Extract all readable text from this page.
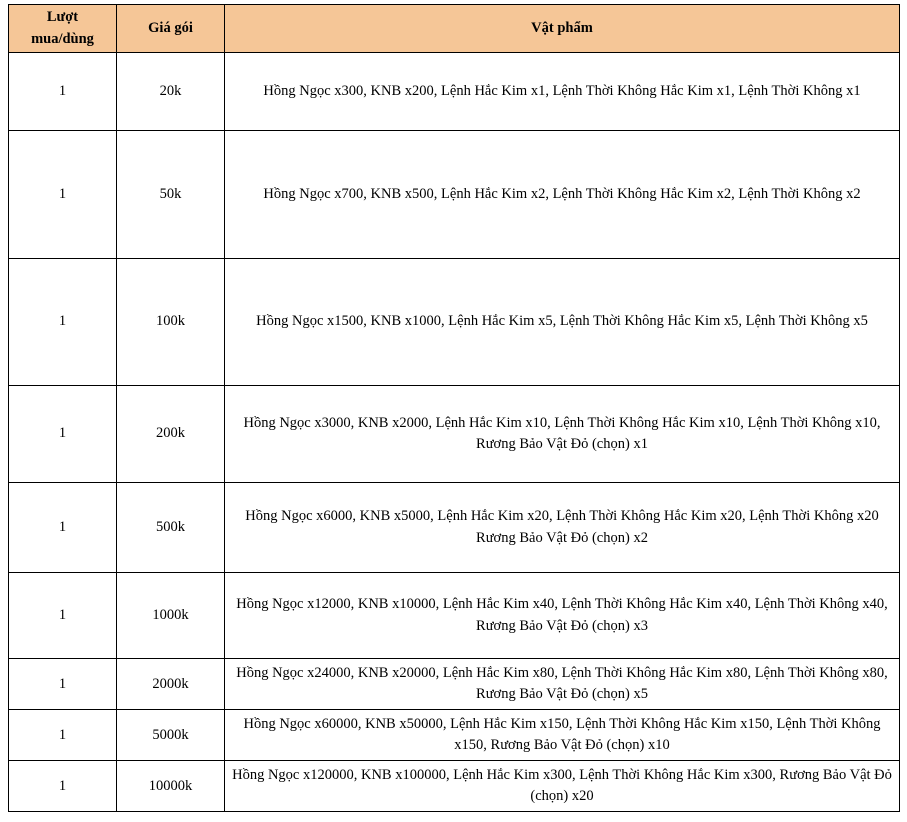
Lượt
mua/dùng	Giá gói	Vật phẩm
1	20k	Hồng Ngọc x300, KNB x200, Lệnh Hắc Kim x1, Lệnh Thời Không Hắc Kim x1, Lệnh Thời Không x1
1	50k	Hồng Ngọc x700, KNB x500, Lệnh Hắc Kim x2, Lệnh Thời Không Hắc Kim x2, Lệnh Thời Không x2
1	100k	Hồng Ngọc x1500, KNB x1000, Lệnh Hắc Kim x5, Lệnh Thời Không Hắc Kim x5, Lệnh Thời Không x5
1	200k	Hồng Ngọc x3000, KNB x2000, Lệnh Hắc Kim x10, Lệnh Thời Không Hắc Kim x10, Lệnh Thời Không x10, Rương Bảo Vật Đỏ (chọn) x1
1	500k	Hồng Ngọc x6000, KNB x5000, Lệnh Hắc Kim x20, Lệnh Thời Không Hắc Kim x20, Lệnh Thời Không x20 Rương Bảo Vật Đỏ (chọn) x2
1	1000k	Hồng Ngọc x12000, KNB x10000, Lệnh Hắc Kim x40, Lệnh Thời Không Hắc Kim x40, Lệnh Thời Không x40, Rương Bảo Vật Đỏ (chọn) x3
1	2000k	Hồng Ngọc x24000, KNB x20000, Lệnh Hắc Kim x80, Lệnh Thời Không Hắc Kim x80, Lệnh Thời Không x80, Rương Bảo Vật Đỏ (chọn) x5
1	5000k	Hồng Ngọc x60000, KNB x50000, Lệnh Hắc Kim x150, Lệnh Thời Không Hắc Kim x150, Lệnh Thời Không x150, Rương Bảo Vật Đỏ (chọn) x10
1	10000k	Hồng Ngọc x120000, KNB x100000, Lệnh Hắc Kim x300, Lệnh Thời Không Hắc Kim x300, Rương Bảo Vật Đỏ (chọn) x20
